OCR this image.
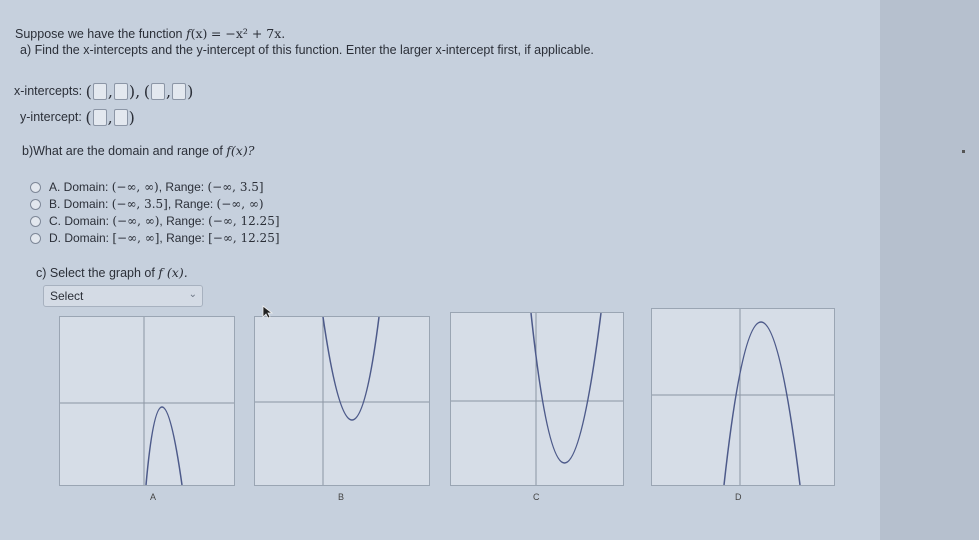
Suppose we have the function f(x) = −x² + 7x.
a) Find the x-intercepts and the y-intercept of this function. Enter the larger x-intercept first, if applicable.
x-intercepts: ( , ), ( , )
y-intercept: ( , )
b)What are the domain and range of f(x)?
A. Domain: (−∞, ∞), Range: (−∞, 3.5]
B. Domain: (−∞, 3.5], Range: (−∞, ∞)
C. Domain: (−∞, ∞), Range: (−∞, 12.25]
D. Domain: [−∞, ∞], Range: [−∞, 12.25]
c) Select the graph of f (x).
Select	⌄
A	B	C	D
